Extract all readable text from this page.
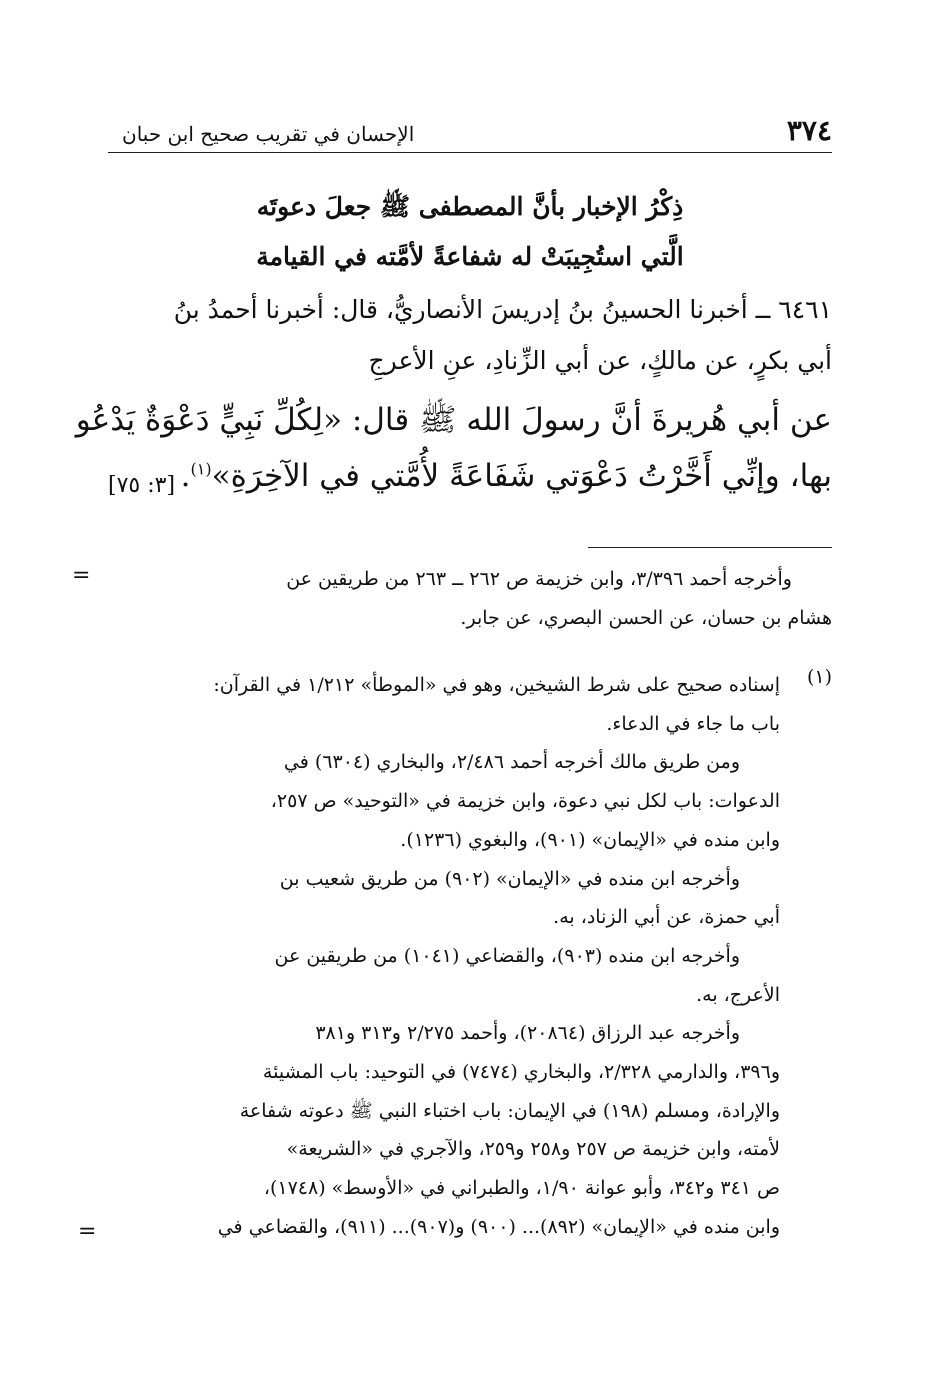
٣٧٤
الإحسان في تقريب صحيح ابن حبان
ذِكْرُ الإخبار بأنَّ المصطفى ﷺ جعلَ دعوتَه
الَّتي استُجِيبَتْ له شفاعةً لأمَّته في القيامة
٦٤٦١ ــ أخبرنا الحسينُ بنُ إدريسَ الأنصاريُّ، قال: أخبرنا أحمدُ بنُ
أبي بكرٍ، عن مالكٍ، عن أبي الزِّنادِ، عنِ الأعرجِ
عن أبي هُريرةَ أنَّ رسولَ الله ﷺ قال: «لِكُلِّ نَبِيٍّ دَعْوَةٌ يَدْعُو
بها، وإنِّي أَخَّرْتُ دَعْوَتي شَفَاعَةً لأُمَّتي في الآخِرَةِ»$^{(١)}$.
[٣: ٧٥]
=	وأخرجه أحمد ٣/٣٩٦، وابن خزيمة ص ٢٦٢ ــ ٢٦٣ من طريقين عن
هشام بن حسان، عن الحسن البصري، عن جابر.
(١)
إسناده صحيح على شرط الشيخين، وهو في «الموطأ» ١/٢١٢ في القرآن:
باب ما جاء في الدعاء.
ومن طريق مالك أخرجه أحمد ٢/٤٨٦، والبخاري (٦٣٠٤) في
الدعوات: باب لكل نبي دعوة، وابن خزيمة في «التوحيد» ص ٢٥٧،
وابن منده في «الإيمان» (٩٠١)، والبغوي (١٢٣٦).
وأخرجه ابن منده في «الإيمان» (٩٠٢) من طريق شعيب بن
أبي حمزة، عن أبي الزناد، به.
وأخرجه ابن منده (٩٠٣)، والقضاعي (١٠٤١) من طريقين عن
الأعرج، به.
وأخرجه عبد الرزاق (٢٠٨٦٤)، وأحمد ٢/٢٧٥ و٣١٣ و٣٨١
و٣٩٦، والدارمي ٢/٣٢٨، والبخاري (٧٤٧٤) في التوحيد: باب المشيئة
والإرادة، ومسلم (١٩٨) في الإيمان: باب اختباء النبي ﷺ دعوته شفاعة
لأمته، وابن خزيمة ص ٢٥٧ و٢٥٨ و٢٥٩، والآجري في «الشريعة»
ص ٣٤١ و٣٤٢، وأبو عوانة ١/٩٠، والطبراني في «الأوسط» (١٧٤٨)،
وابن منده في «الإيمان» (٨٩٢)... (٩٠٠) و(٩٠٧)... (٩١١)، والقضاعي في
=
